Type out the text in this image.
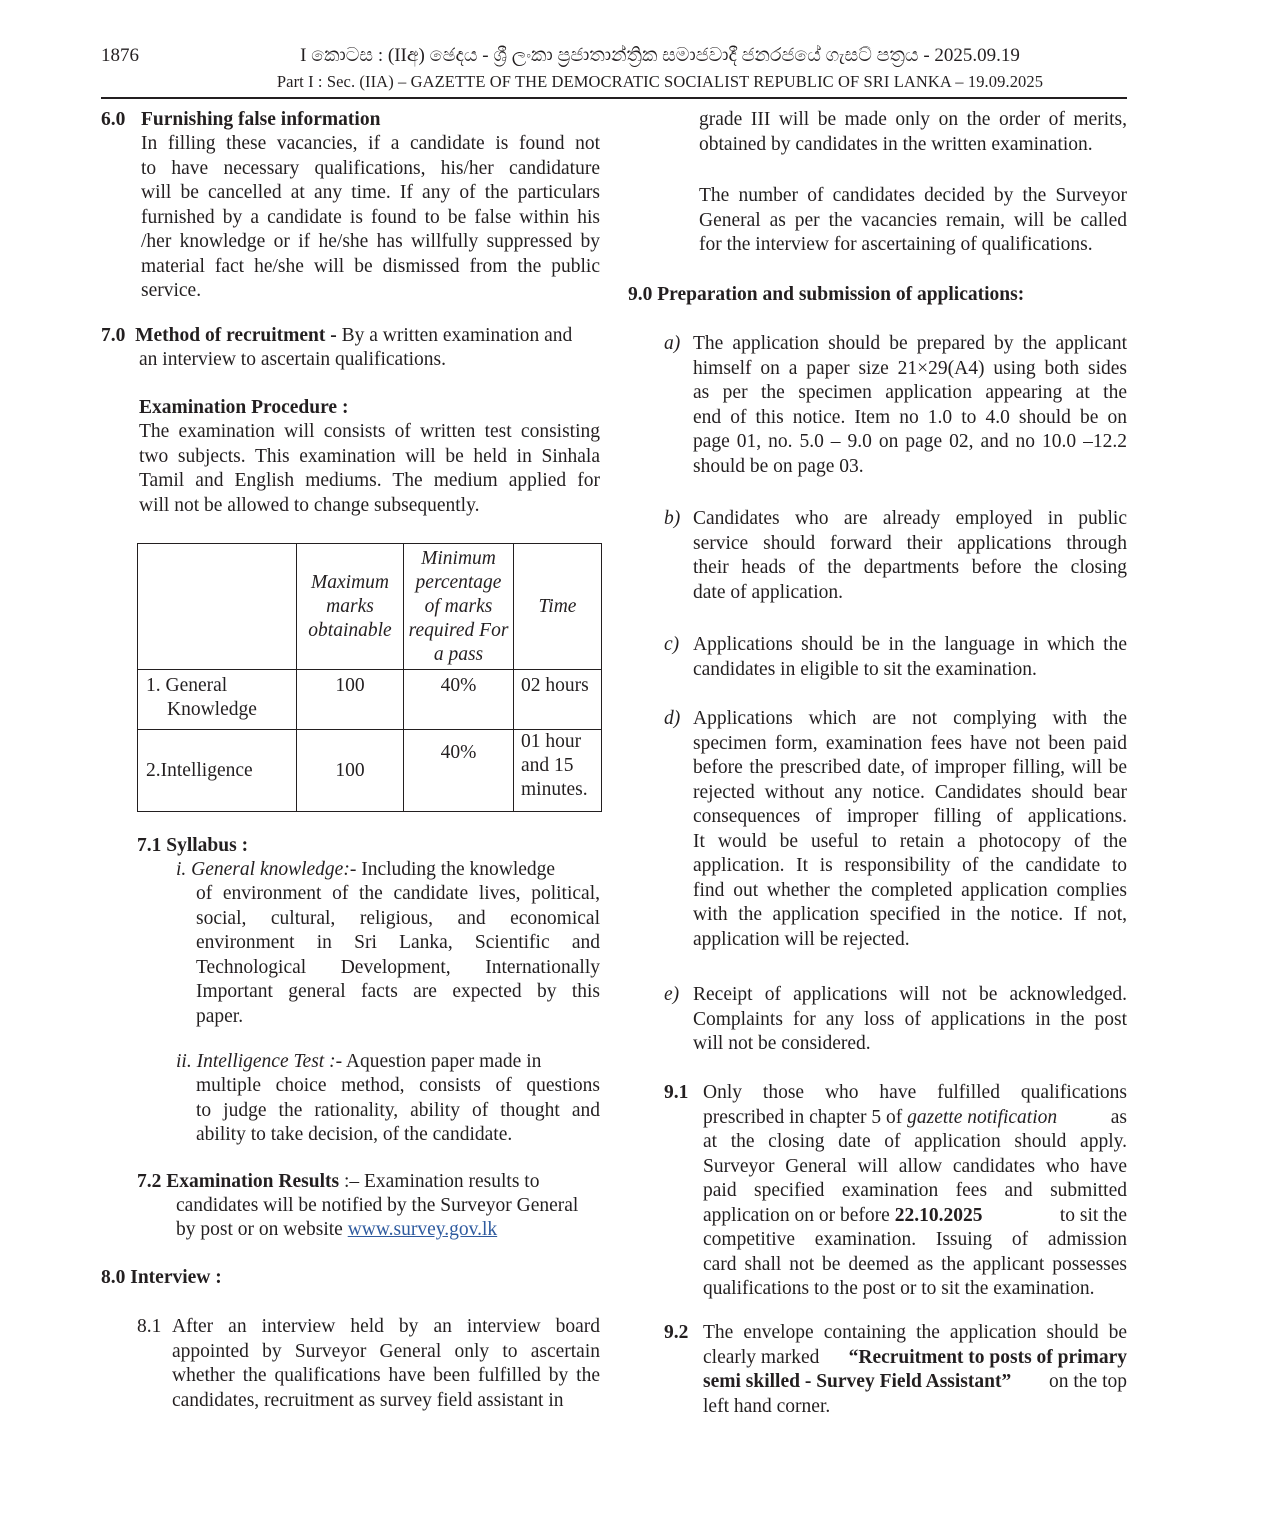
1876	I කොටස : (IIඅ) ඡෙදය - ශ්‍රී ලංකා ප්‍රජාතාන්ත්‍රික සමාජවාදී ජනරජයේ ගැසට් පත්‍රය - 2025.09.19
Part I : Sec. (IIA) – GAZETTE OF THE DEMOCRATIC SOCIALIST REPUBLIC OF SRI LANKA – 19.09.2025
6.0 Furnishing false information
In filling these vacancies, if a candidate is found not
to have necessary qualifications, his/her candidature
will be cancelled at any time. If any of the particulars
furnished by a candidate is found to be false within his
/her knowledge or if he/she has willfully suppressed by
material fact he/she will be dismissed from the public
service.
7.0 Method of recruitment - By a written examination and
an interview to ascertain qualifications.
Examination Procedure :
The examination will consists of written test consisting
two subjects. This examination will be held in Sinhala
Tamil and English mediums. The medium applied for
will not be allowed to change subsequently.
	Maximum marks obtainable	Minimum percentage of marks required For a pass	Time

1. General
Knowledge	100	40%	02 hours

2.Intelligence	100	40%	01 hour
and 15
minutes.
7.1 Syllabus :
i. General knowledge:- Including the knowledge
of environment of the candidate lives, political,
social, cultural, religious, and economical
environment in Sri Lanka, Scientific and
Technological Development, Internationally
Important general facts are expected by this
paper.
ii. Intelligence Test :- Aquestion paper made in
multiple choice method, consists of questions
to judge the rationality, ability of thought and
ability to take decision, of the candidate.
7.2 Examination Results :– Examination results to
candidates will be notified by the Surveyor General
by post or on website www.survey.gov.lk
8.0 Interview :
8.1 After an interview held by an interview board
appointed by Surveyor General only to ascertain
whether the qualifications have been fulfilled by the
candidates, recruitment as survey field assistant in
grade III will be made only on the order of merits,
obtained by candidates in the written examination.
The number of candidates decided by the Surveyor
General as per the vacancies remain, will be called
for the interview for ascertaining of qualifications.
9.0 Preparation and submission of applications:
a) The application should be prepared by the applicant
himself on a paper size 21×29(A4) using both sides
as per the specimen application appearing at the
end of this notice. Item no 1.0 to 4.0 should be on
page 01, no. 5.0 – 9.0 on page 02, and no 10.0 –12.2
should be on page 03.
b) Candidates who are already employed in public
service should forward their applications through
their heads of the departments before the closing
date of application.
c) Applications should be in the language in which the
candidates in eligible to sit the examination.
d) Applications which are not complying with the
specimen form, examination fees have not been paid
before the prescribed date, of improper filling, will be
rejected without any notice. Candidates should bear
consequences of improper filling of applications.
It would be useful to retain a photocopy of the
application. It is responsibility of the candidate to
find out whether the completed application complies
with the application specified in the notice. If not,
application will be rejected.
e) Receipt of applications will not be acknowledged.
Complaints for any loss of applications in the post
will not be considered.
9.1 Only those who have fulfilled qualifications
prescribed in chapter 5 of gazette notification	as
at the closing date of application should apply.
Surveyor General will allow candidates who have
paid specified examination fees and submitted
application on or before 22.10.2025	to sit the
competitive examination. Issuing of admission
card shall not be deemed as the applicant possesses
qualifications to the post or to sit the examination.
9.2 The envelope containing the application should be
clearly marked “Recruitment to posts of primary
semi skilled - Survey Field Assistant” on the top
left hand corner.
